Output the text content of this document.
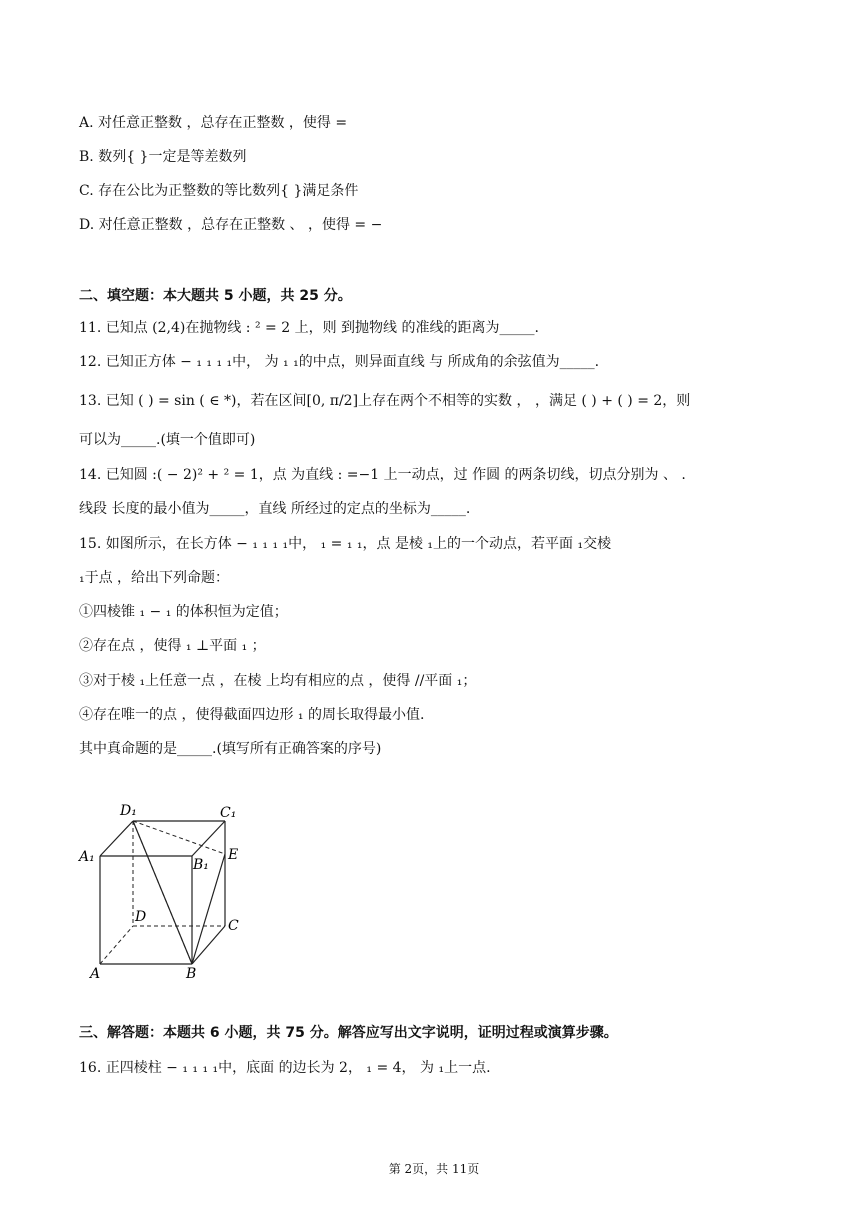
A. 对任意正整数 ，总存在正整数 ，使得 =
B. 数列{ }一定是等差数列
C. 存在公比为正整数的等比数列{ }满足条件
D. 对任意正整数 ，总存在正整数 、 ，使得 = −
二、填空题：本大题共 5 小题，共 25 分。
11. 已知点 (2,4)在抛物线 : ² = 2 上，则 到抛物线 的准线的距离为_____.
12. 已知正方体 − ₁ ₁ ₁ ₁中， 为 ₁ ₁的中点，则异面直线 与 所成角的余弦值为_____.
13. 已知 ( ) = sin ( ∈ *)，若在区间[0, π/2]上存在两个不相等的实数 ， ，满足 ( ) + ( ) = 2，则
可以为_____.(填一个值即可)
14. 已知圆 :( − 2)² + ² = 1，点 为直线 : =−1 上一动点，过 作圆 的两条切线，切点分别为 、 .
线段 长度的最小值为_____，直线 所经过的定点的坐标为_____.
15. 如图所示，在长方体 − ₁ ₁ ₁ ₁中， ₁ = ₁ ₁，点 是棱 ₁上的一个动点，若平面 ₁交棱
₁于点 ，给出下列命题：
①四棱锥 ₁ − ₁ 的体积恒为定值；
②存在点 ，使得 ₁ ⊥平面 ₁ ；
③对于棱 ₁上任意一点 ，在棱 上均有相应的点 ，使得 //平面 ₁；
④存在唯一的点 ，使得截面四边形 ₁ 的周长取得最小值.
其中真命题的是_____.(填写所有正确答案的序号)
D₁	C₁
A₁	B₁
E
D
C
A	B
三、解答题：本题共 6 小题，共 75 分。解答应写出文字说明，证明过程或演算步骤。
16. 正四棱柱 − ₁ ₁ ₁ ₁中，底面 的边长为 2， ₁ = 4， 为 ₁上一点.
第 2页，共 11页
